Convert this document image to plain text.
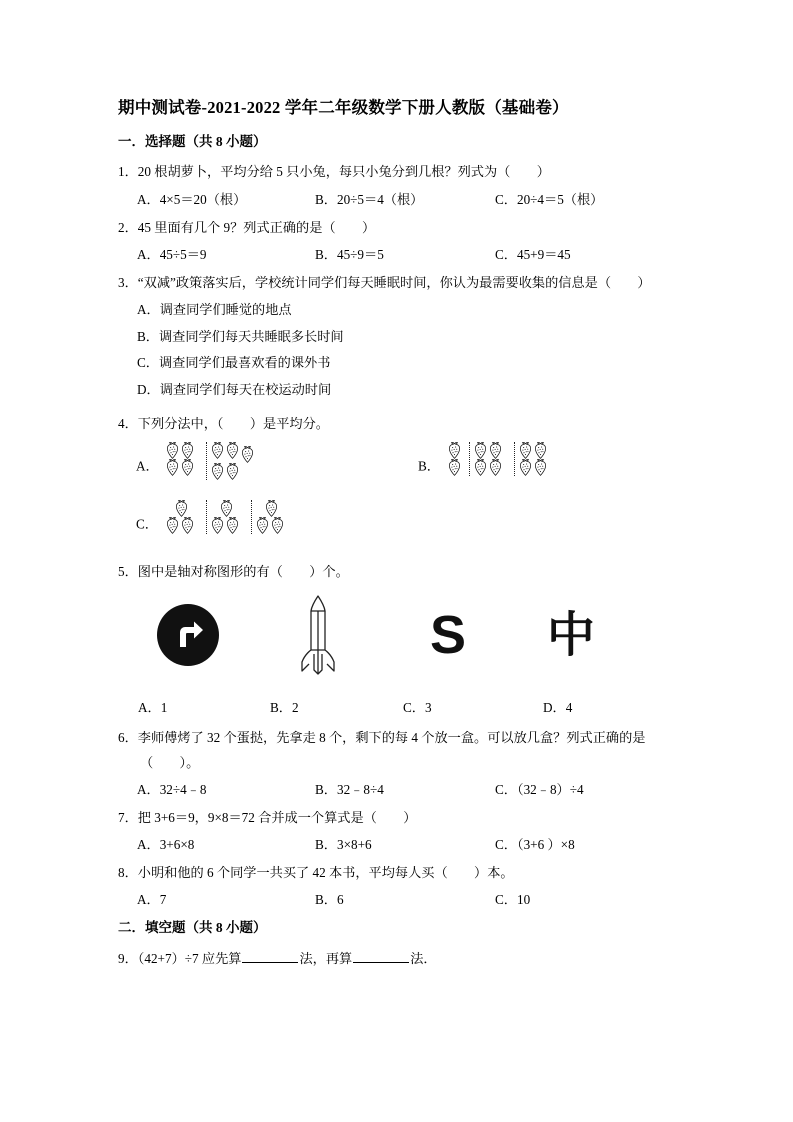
期中测试卷-2021-2022 学年二年级数学下册人教版（基础卷）
一．选择题（共 8 小题）
1．20 根胡萝卜，平均分给 5 只小兔，每只小兔分到几根？列式为（　　）
A．4×5＝20（根）	B．20÷5＝4（根）	C．20÷4＝5（根）
2．45 里面有几个 9？列式正确的是（　　）
A．45÷5＝9	B．45÷9＝5	C．45+9＝45
3．“双减”政策落实后，学校统计同学们每天睡眠时间，你认为最需要收集的信息是（　　）
A．调查同学们睡觉的地点
B．调查同学们每天共睡眠多长时间
C．调查同学们最喜欢看的课外书
D．调查同学们每天在校运动时间
4．下列分法中，（　　）是平均分。
A．	B．
C．
5．图中是轴对称图形的有（　　）个。
S 中
A．1	B．2	C．3	D．4
6．李师傅烤了 32 个蛋挞，先拿走 8 个，剩下的每 4 个放一盒。可以放几盒？列式正确的是
（　　）。
A．32÷4﹣8	B．32﹣8÷4	C．（32﹣8）÷4
7．把 3+6＝9，9×8＝72 合并成一个算式是（　　）
A．3+6×8	B．3×8+6	C．（3+6 ）×8
8．小明和他的 6 个同学一共买了 42 本书，平均每人买（　　）本。
A．7	B．6	C．10
二．填空题（共 8 小题）
9．（42+7）÷7 应先算	法，再算	法．
